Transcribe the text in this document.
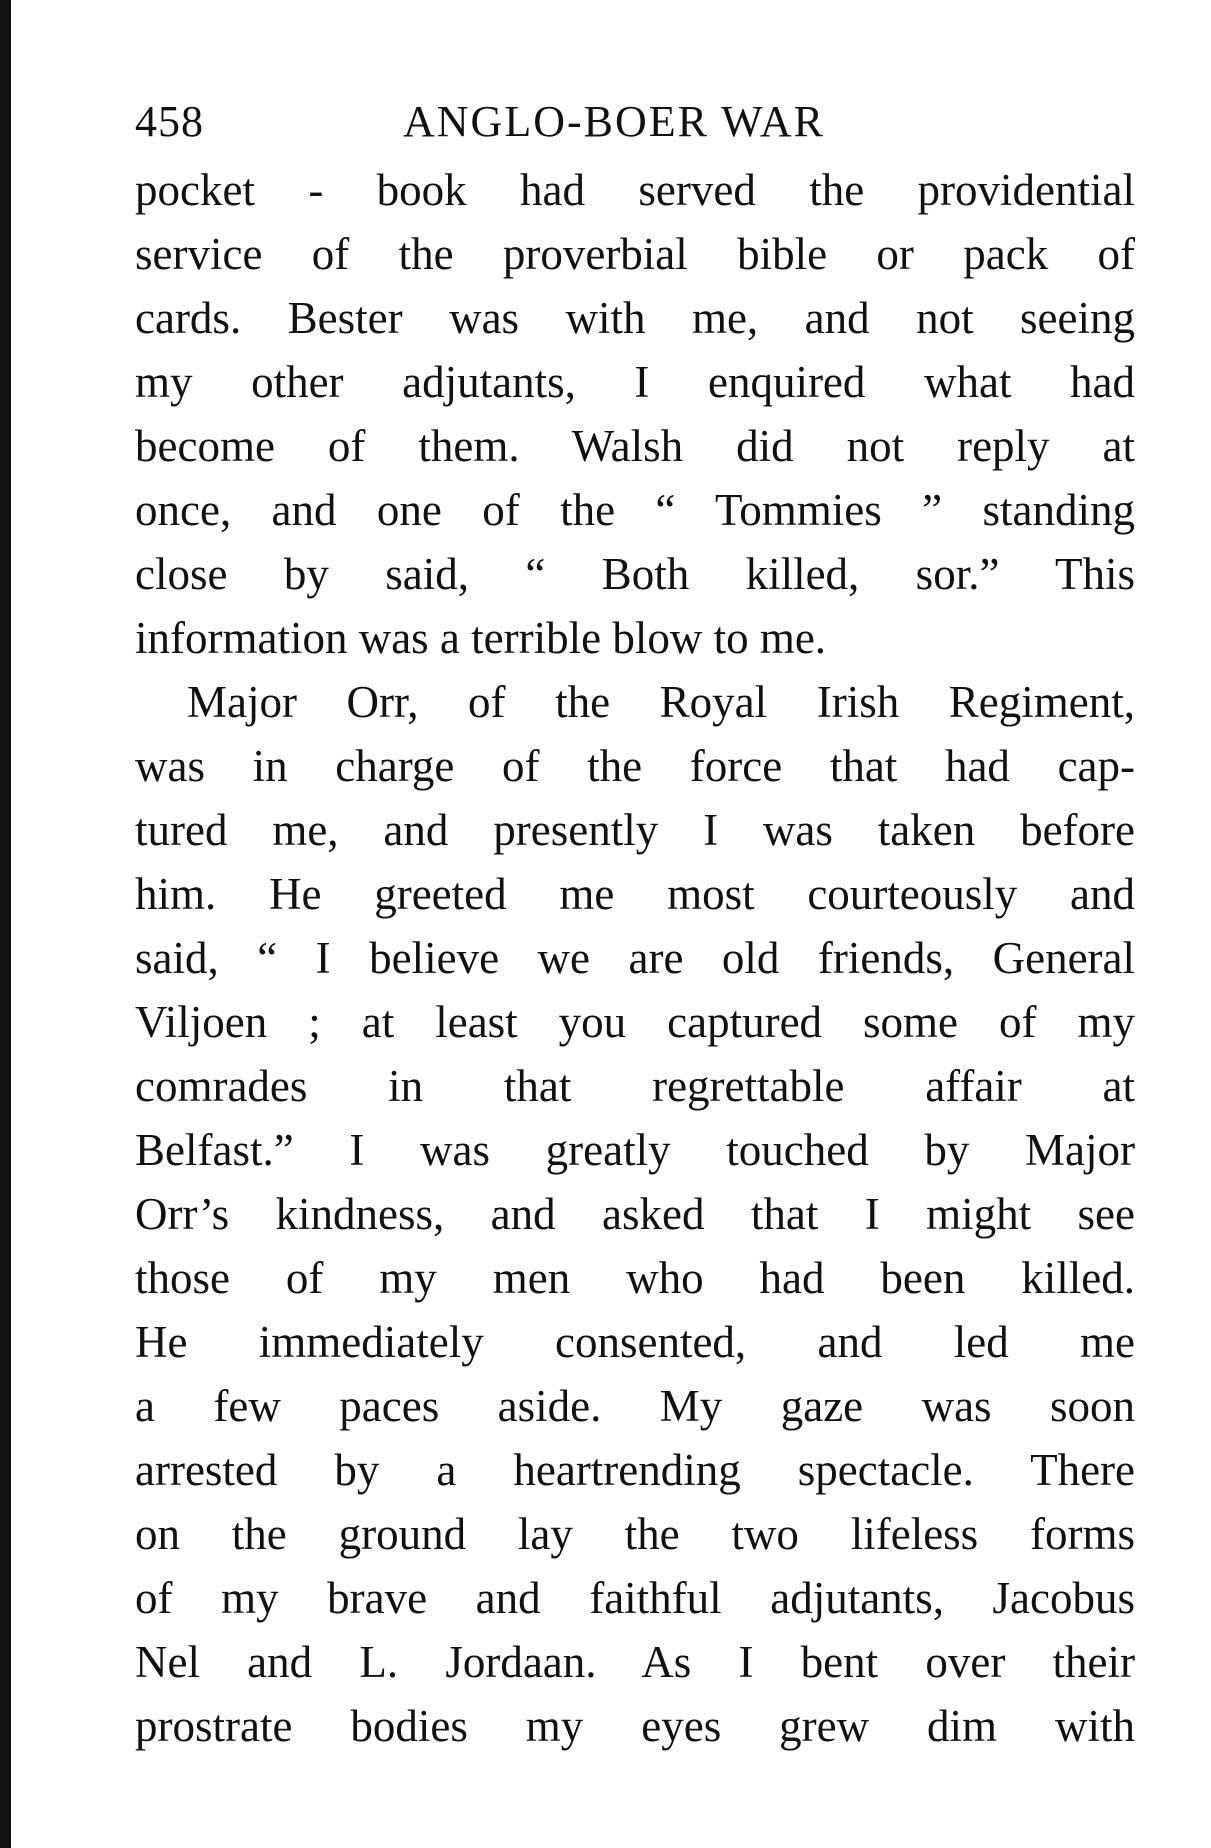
458	ANGLO-BOER WAR
pocket - book had served the providential
service of the proverbial bible or pack of
cards. Bester was with me, and not seeing
my other adjutants, I enquired what had
become of them. Walsh did not reply at
once, and one of the “ Tommies ” standing
close by said, “ Both killed, sor.” This
information was a terrible blow to me.
Major Orr, of the Royal Irish Regiment,
was in charge of the force that had cap-
tured me, and presently I was taken before
him. He greeted me most courteously and
said, “ I believe we are old friends, General
Viljoen ; at least you captured some of my
comrades in that regrettable affair at
Belfast.” I was greatly touched by Major
Orr’s kindness, and asked that I might see
those of my men who had been killed.
He immediately consented, and led me
a few paces aside. My gaze was soon
arrested by a heartrending spectacle. There
on the ground lay the two lifeless forms
of my brave and faithful adjutants, Jacobus
Nel and L. Jordaan. As I bent over their
prostrate bodies my eyes grew dim with
